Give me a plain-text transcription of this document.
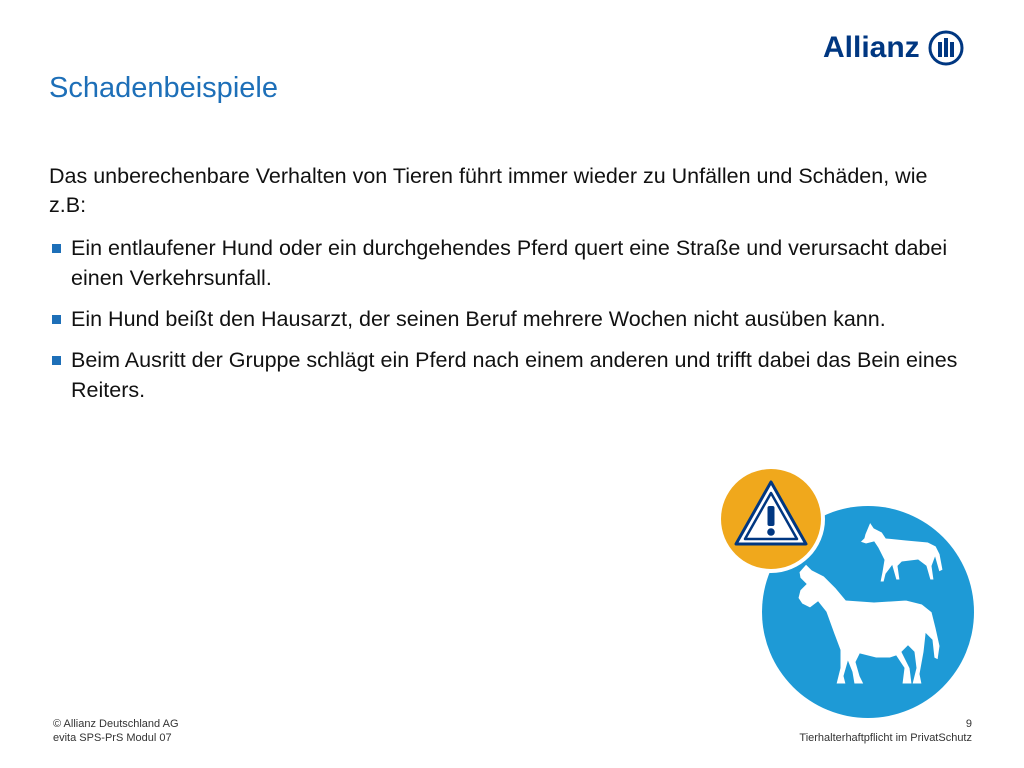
Allianz
Schadenbeispiele
Das unberechenbare Verhalten von Tieren führt immer wieder zu Unfällen und Schäden, wie z.B:
Ein entlaufener Hund oder ein durchgehendes Pferd quert eine Straße und verursacht dabei einen Verkehrsunfall.
Ein Hund beißt den Hausarzt, der seinen Beruf mehrere Wochen nicht ausüben kann.
Beim Ausritt der Gruppe schlägt ein Pferd nach einem anderen und trifft dabei das Bein eines Reiters.
© Allianz Deutschland AG
evita SPS-PrS Modul 07
9
Tierhalterhaftpflicht im PrivatSchutz
